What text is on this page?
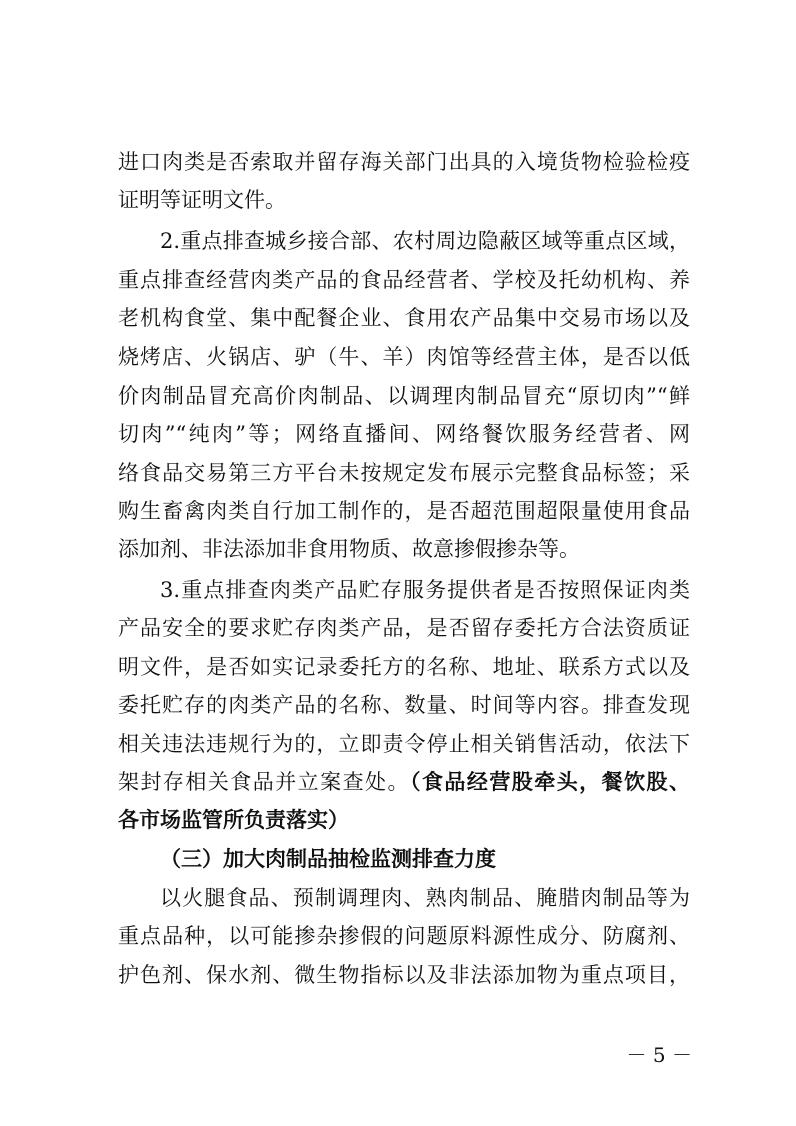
进口肉类是否索取并留存海关部门出具的入境货物检验检疫
证明等证明文件。
2.重点排查城乡接合部、农村周边隐蔽区域等重点区域，
重点排查经营肉类产品的食品经营者、学校及托幼机构、养
老机构食堂、集中配餐企业、食用农产品集中交易市场以及
烧烤店、火锅店、驴（牛、羊）肉馆等经营主体，是否以低
价肉制品冒充高价肉制品、以调理肉制品冒充“原切肉”“鲜
切肉”“纯肉”等；网络直播间、网络餐饮服务经营者、网
络食品交易第三方平台未按规定发布展示完整食品标签；采
购生畜禽肉类自行加工制作的，是否超范围超限量使用食品
添加剂、非法添加非食用物质、故意掺假掺杂等。
3.重点排查肉类产品贮存服务提供者是否按照保证肉类
产品安全的要求贮存肉类产品，是否留存委托方合法资质证
明文件，是否如实记录委托方的名称、地址、联系方式以及
委托贮存的肉类产品的名称、数量、时间等内容。排查发现
相关违法违规行为的，立即责令停止相关销售活动，依法下
架封存相关食品并立案查处。（食品经营股牵头，餐饮股、
各市场监管所负责落实）
（三）加大肉制品抽检监测排查力度
以火腿食品、预制调理肉、熟肉制品、腌腊肉制品等为
重点品种，以可能掺杂掺假的问题原料源性成分、防腐剂、
护色剂、保水剂、微生物指标以及非法添加物为重点项目，
－ 5 －
